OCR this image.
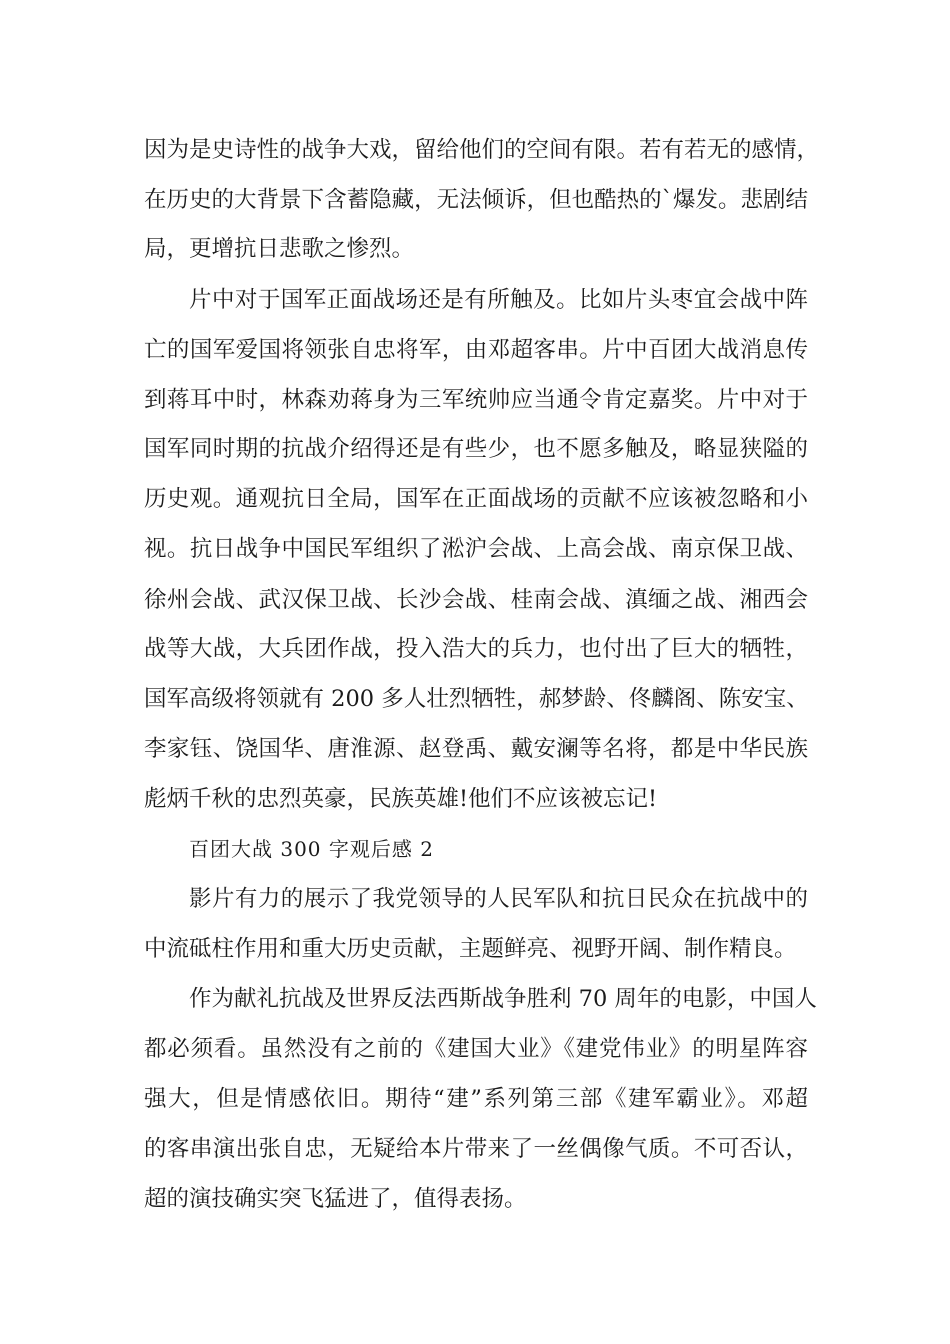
因为是史诗性的战争大戏，留给他们的空间有限。若有若无的感情，
在历史的大背景下含蓄隐藏，无法倾诉，但也酷热的`爆发。悲剧结
局，更增抗日悲歌之惨烈。
片中对于国军正面战场还是有所触及。比如片头枣宜会战中阵
亡的国军爱国将领张自忠将军，由邓超客串。片中百团大战消息传
到蒋耳中时，林森劝蒋身为三军统帅应当通令肯定嘉奖。片中对于
国军同时期的抗战介绍得还是有些少，也不愿多触及，略显狭隘的
历史观。通观抗日全局，国军在正面战场的贡献不应该被忽略和小
视。抗日战争中国民军组织了淞沪会战、上高会战、南京保卫战、
徐州会战、武汉保卫战、长沙会战、桂南会战、滇缅之战、湘西会
战等大战，大兵团作战，投入浩大的兵力，也付出了巨大的牺牲，
国军高级将领就有 200 多人壮烈牺牲，郝梦龄、佟麟阁、陈安宝、
李家钰、饶国华、唐淮源、赵登禹、戴安澜等名将，都是中华民族
彪炳千秋的忠烈英豪，民族英雄!他们不应该被忘记!
百团大战 300 字观后感 2
影片有力的展示了我党领导的人民军队和抗日民众在抗战中的
中流砥柱作用和重大历史贡献，主题鲜亮、视野开阔、制作精良。
作为献礼抗战及世界反法西斯战争胜利 70 周年的电影，中国人
都必须看。虽然没有之前的《建国大业》《建党伟业》的明星阵容
强大，但是情感依旧。期待“建”系列第三部《建军霸业》。邓超
的客串演出张自忠，无疑给本片带来了一丝偶像气质。不可否认，
超的演技确实突飞猛进了，值得表扬。
